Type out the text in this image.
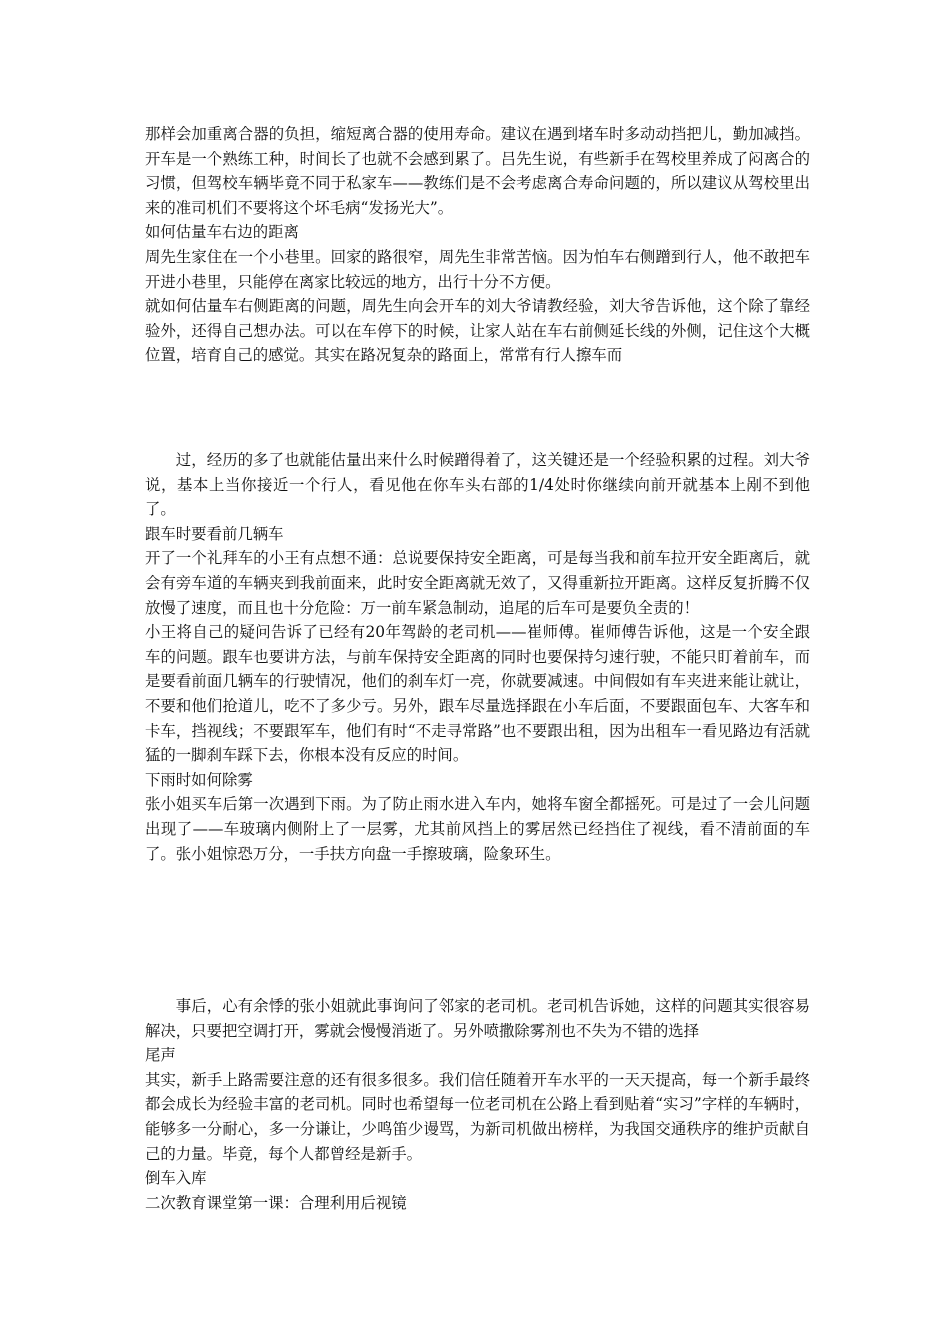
那样会加重离合器的负担，缩短离合器的使用寿命。建议在遇到堵车时多动动挡把儿，勤加减挡。开车是一个熟练工种，时间长了也就不会感到累了。吕先生说，有些新手在驾校里养成了闷离合的习惯，但驾校车辆毕竟不同于私家车——教练们是不会考虑离合寿命问题的，所以建议从驾校里出来的准司机们不要将这个坏毛病“发扬光大”。

如何估量车右边的距离

周先生家住在一个小巷里。回家的路很窄，周先生非常苦恼。因为怕车右侧蹭到行人，他不敢把车开进小巷里，只能停在离家比较远的地方，出行十分不方便。

就如何估量车右侧距离的问题，周先生向会开车的刘大爷请教经验，刘大爷告诉他，这个除了靠经验外，还得自己想办法。可以在车停下的时候，让家人站在车右前侧延长线的外侧，记住这个大概位置，培育自己的感觉。其实在路况复杂的路面上，常常有行人擦车而

过，经历的多了也就能估量出来什么时候蹭得着了，这关键还是一个经验积累的过程。刘大爷说，基本上当你接近一个行人，看见他在你车头右部的1/4处时你继续向前开就基本上剐不到他了。

跟车时要看前几辆车

开了一个礼拜车的小王有点想不通：总说要保持安全距离，可是每当我和前车拉开安全距离后，就会有旁车道的车辆夹到我前面来，此时安全距离就无效了，又得重新拉开距离。这样反复折腾不仅放慢了速度，而且也十分危险：万一前车紧急制动，追尾的后车可是要负全责的！

小王将自己的疑问告诉了已经有20年驾龄的老司机——崔师傅。崔师傅告诉他，这是一个安全跟车的问题。跟车也要讲方法，与前车保持安全距离的同时也要保持匀速行驶，不能只盯着前车，而是要看前面几辆车的行驶情况，他们的刹车灯一亮，你就要减速。中间假如有车夹进来能让就让，不要和他们抢道儿，吃不了多少亏。另外，跟车尽量选择跟在小车后面，不要跟面包车、大客车和卡车，挡视线；不要跟军车，他们有时“不走寻常路”也不要跟出租，因为出租车一看见路边有活就猛的一脚刹车踩下去，你根本没有反应的时间。

下雨时如何除雾

张小姐买车后第一次遇到下雨。为了防止雨水进入车内，她将车窗全都摇死。可是过了一会儿问题出现了——车玻璃内侧附上了一层雾，尤其前风挡上的雾居然已经挡住了视线，看不清前面的车了。张小姐惊恐万分，一手扶方向盘一手擦玻璃，险象环生。

事后，心有余悸的张小姐就此事询问了邻家的老司机。老司机告诉她，这样的问题其实很容易解决，只要把空调打开，雾就会慢慢消逝了。另外喷撒除雾剂也不失为不错的选择

尾声

其实，新手上路需要注意的还有很多很多。我们信任随着开车水平的一天天提高，每一个新手最终都会成长为经验丰富的老司机。同时也希望每一位老司机在公路上看到贴着“实习”字样的车辆时，能够多一分耐心，多一分谦让，少鸣笛少谩骂，为新司机做出榜样，为我国交通秩序的维护贡献自己的力量。毕竟，每个人都曾经是新手。

倒车入库

二次教育课堂第一课：合理利用后视镜
